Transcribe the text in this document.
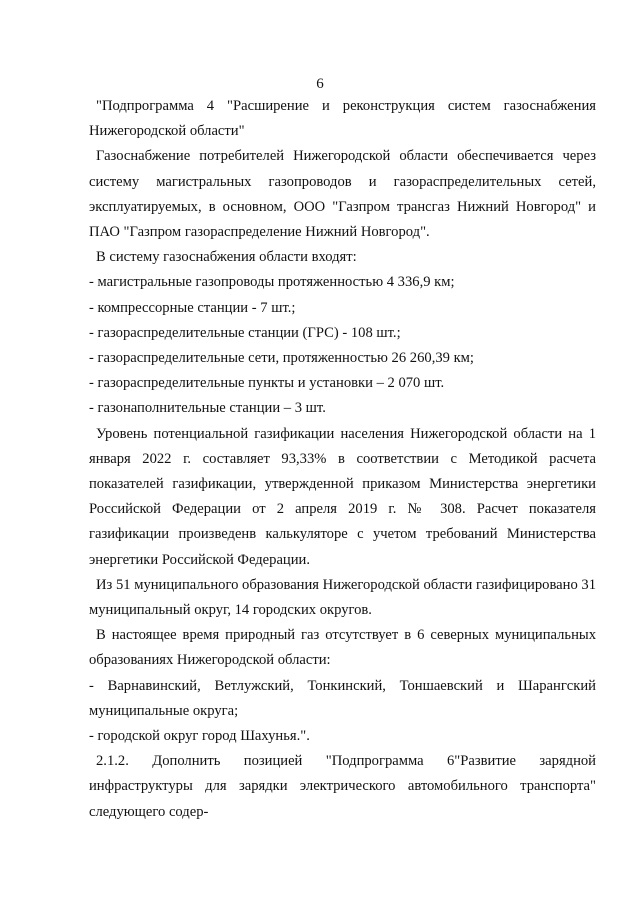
6

"Подпрограмма 4 "Расширение и реконструкция систем газоснабжения Нижегородской области"

Газоснабжение потребителей Нижегородской области обеспечивается через систему магистральных газопроводов и газораспределительных сетей, эксплуатируемых, в основном, ООО "Газпром трансгаз Нижний Новгород" и ПАО "Газпром газораспределение Нижний Новгород".

В систему газоснабжения области входят:

- магистральные газопроводы протяженностью 4 336,9 км;

- компрессорные станции - 7 шт.;

- газораспределительные станции (ГРС) - 108 шт.;

- газораспределительные сети, протяженностью 26 260,39 км;

- газораспределительные пункты и установки – 2 070 шт.

- газонаполнительные станции – 3 шт.

Уровень потенциальной газификации населения Нижегородской области на 1 января 2022 г. составляет 93,33% в соответствии с Методикой расчета показателей газификации, утвержденной приказом Министерства энергетики Российской Федерации от 2 апреля 2019 г. № 308. Расчет показателя газификации произведенв калькуляторе с учетом требований Министерства энергетики Российской Федерации.

Из 51 муниципального образования Нижегородской области газифицировано 31 муниципальный округ, 14 городских округов.

В настоящее время природный газ отсутствует в 6 северных муниципальных образованиях Нижегородской области:

- Варнавинский, Ветлужский, Тонкинский, Тоншаевский и Шарангский муниципальные округа;

- городской округ город Шахунья.".

2.1.2. Дополнить позицией "Подпрограмма 6"Развитие зарядной инфраструктуры для зарядки электрического автомобильного транспорта" следующего содер-
